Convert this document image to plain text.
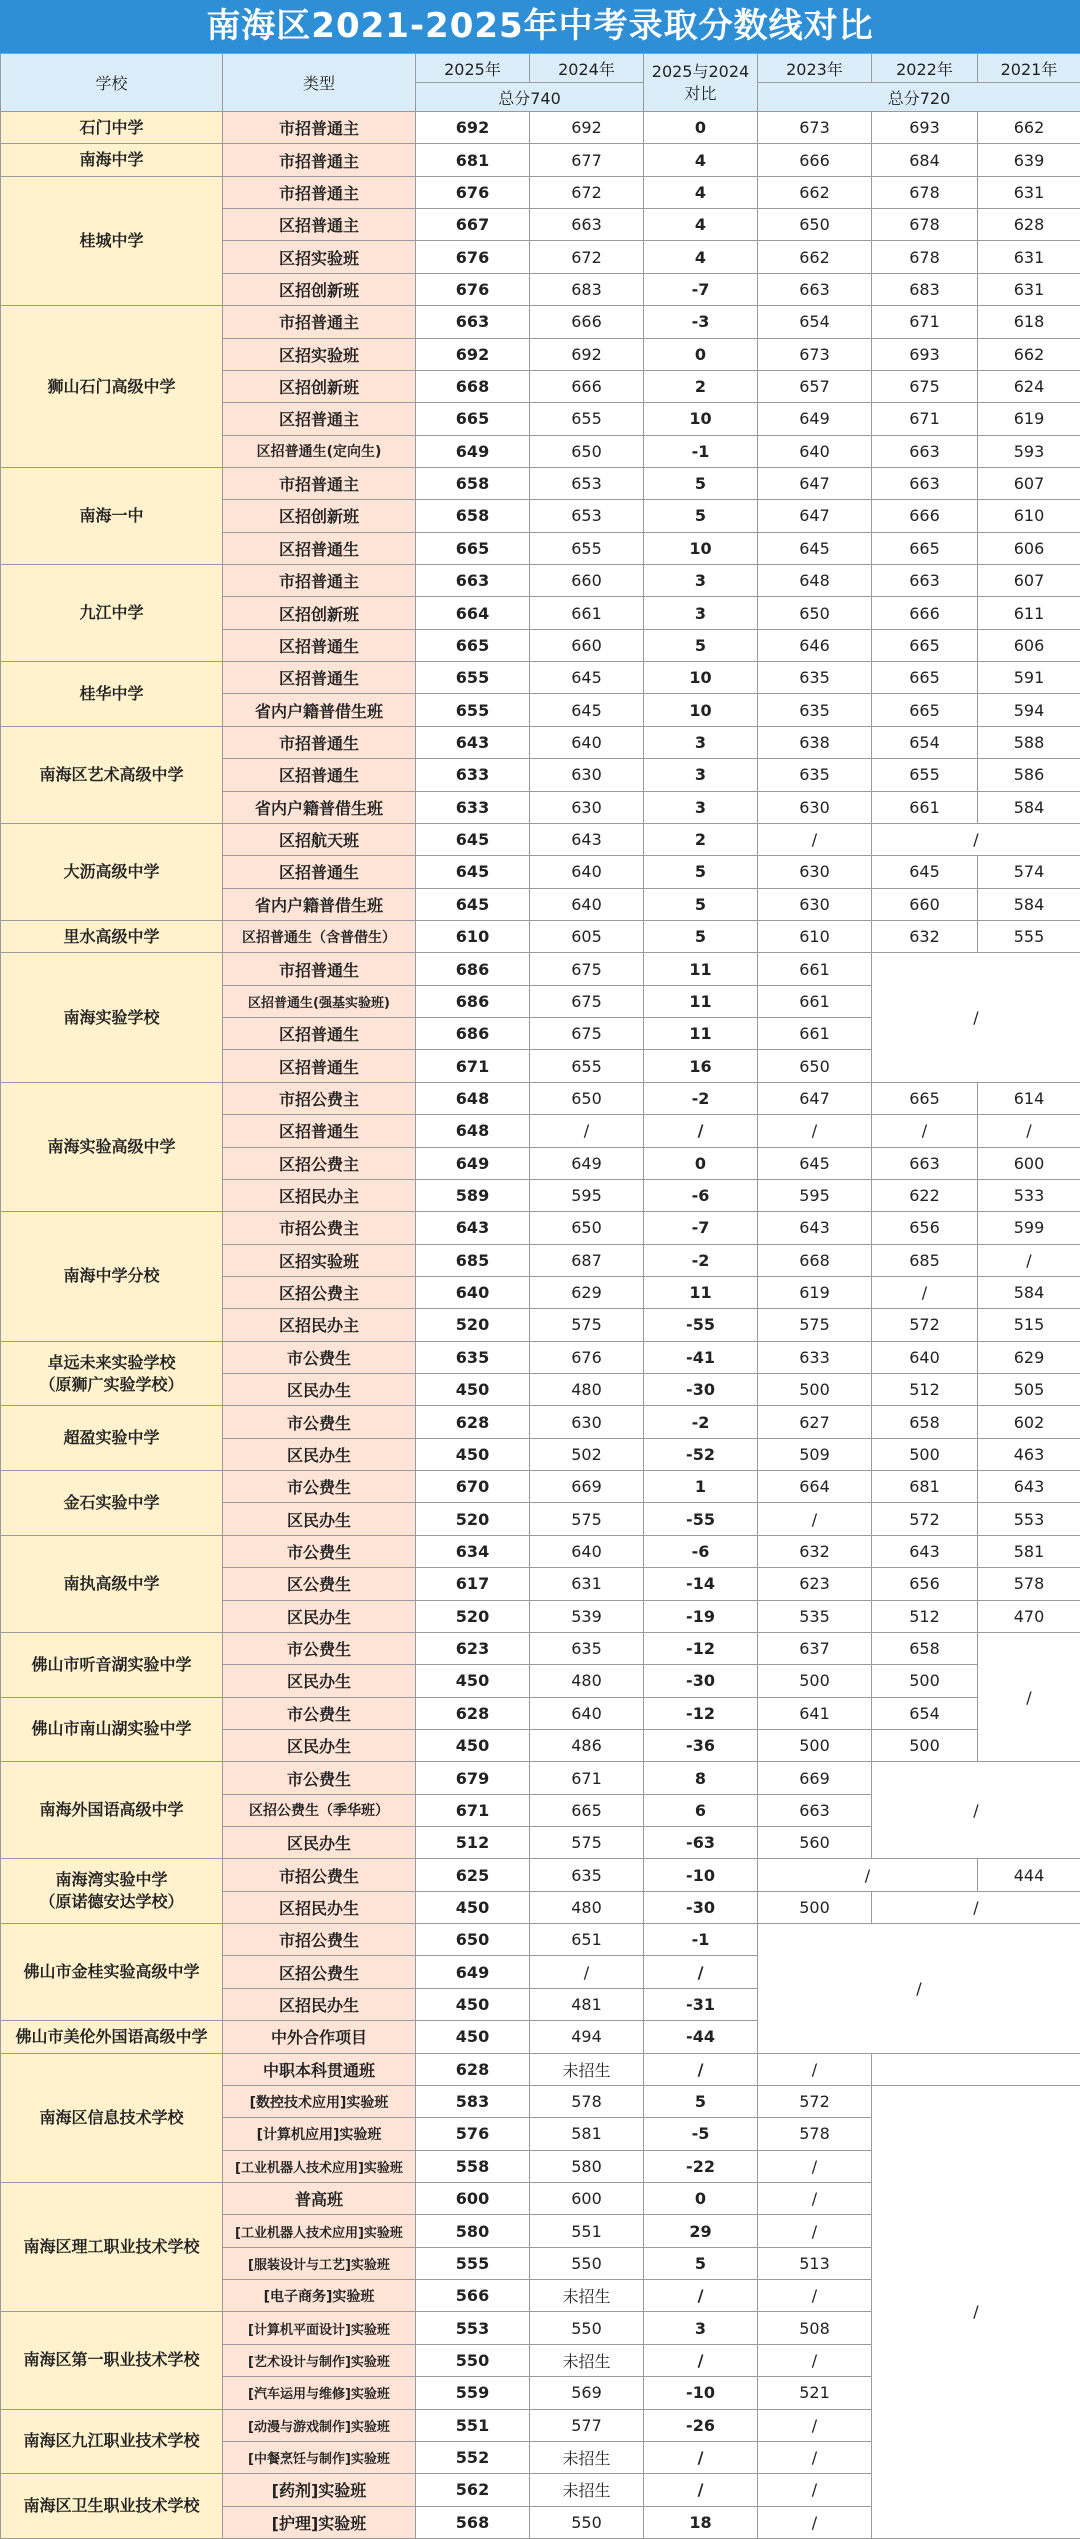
南海区2021-2025年中考录取分数线对比
学校	类型	2025年	2024年	2025与2024对比	2023年	2022年	2021年
		总分740			总分720		
石门中学	市招普通主	692	692	0	673	693	662
南海中学	市招普通主	681	677	4	666	684	639
桂城中学	市招普通主	676	672	4	662	678	631
	区招普通主	667	663	4	650	678	628
	区招实验班	676	672	4	662	678	631
	区招创新班	676	683	-7	663	683	631
狮山石门高级中学	市招普通主	663	666	-3	654	671	618
	区招实验班	692	692	0	673	693	662
	区招创新班	668	666	2	657	675	624
	区招普通主	665	655	10	649	671	619
	区招普通生(定向生)	649	650	-1	640	663	593
南海一中	市招普通主	658	653	5	647	663	607
	区招创新班	658	653	5	647	666	610
	区招普通生	665	655	10	645	665	606
九江中学	市招普通主	663	660	3	648	663	607
	区招创新班	664	661	3	650	666	611
	区招普通生	665	660	5	646	665	606
桂华中学	区招普通生	655	645	10	635	665	591
	省内户籍普借生班	655	645	10	635	665	594
南海区艺术高级中学	市招普通生	643	640	3	638	654	588
	区招普通生	633	630	3	635	655	586
	省内户籍普借生班	633	630	3	630	661	584
大沥高级中学	区招航天班	645	643	2	/	/	
	区招普通生	645	640	5	630	645	574
	省内户籍普借生班	645	640	5	630	660	584
里水高级中学	区招普通生（含普借生）	610	605	5	610	632	555
南海实验学校	市招普通生	686	675	11	661	/	
	区招普通生(强基实验班)	686	675	11	661		
	区招普通生	686	675	11	661		
	区招普通生	671	655	16	650		
南海实验高级中学	市招公费主	648	650	-2	647	665	614
	区招普通生	648	/	/	/	/	/
	区招公费主	649	649	0	645	663	600
	区招民办主	589	595	-6	595	622	533
南海中学分校	市招公费主	643	650	-7	643	656	599
	区招实验班	685	687	-2	668	685	/
	区招公费主	640	629	11	619	/	584
	区招民办主	520	575	-55	575	572	515
卓远未来实验学校
（原狮广实验学校）	市公费生	635	676	-41	633	640	629
	区民办生	450	480	-30	500	512	505
超盈实验中学	市公费生	628	630	-2	627	658	602
	区民办生	450	502	-52	509	500	463
金石实验中学	市公费生	670	669	1	664	681	643
	区民办生	520	575	-55	/	572	553
南执高级中学	市公费生	634	640	-6	632	643	581
	区公费生	617	631	-14	623	656	578
	区民办生	520	539	-19	535	512	470
佛山市听音湖实验中学	市公费生	623	635	-12	637	658	/
	区民办生	450	480	-30	500	500	
佛山市南山湖实验中学	市公费生	628	640	-12	641	654	
	区民办生	450	486	-36	500	500	
南海外国语高级中学	市公费生	679	671	8	669	/	
	区招公费生（季华班）	671	665	6	663		
	区民办生	512	575	-63	560		
南海湾实验中学
（原诺德安达学校）	市招公费生	625	635	-10	/		444
	区招民办生	450	480	-30	500	/	
佛山市金桂实验高级中学	市招公费生	650	651	-1	/		
	区招公费生	649	/	/			
	区招民办生	450	481	-31			
佛山市美伦外国语高级中学	中外合作项目	450	494	-44			
南海区信息技术学校	中职本科贯通班	628	未招生	/	/		
	[数控技术应用]实验班	583	578	5	572	/	
	[计算机应用]实验班	576	581	-5	578		
	[工业机器人技术应用]实验班	558	580	-22	/		
南海区理工职业技术学校	普高班	600	600	0	/		
	[工业机器人技术应用]实验班	580	551	29	/		
	[服装设计与工艺]实验班	555	550	5	513		
	[电子商务]实验班	566	未招生	/	/		
南海区第一职业技术学校	[计算机平面设计]实验班	553	550	3	508		
	[艺术设计与制作]实验班	550	未招生	/	/		
	[汽车运用与维修]实验班	559	569	-10	521		
南海区九江职业技术学校	[动漫与游戏制作]实验班	551	577	-26	/		
	[中餐烹饪与制作]实验班	552	未招生	/	/		
南海区卫生职业技术学校	[药剂]实验班	562	未招生	/	/		
	[护理]实验班	568	550	18	/		
